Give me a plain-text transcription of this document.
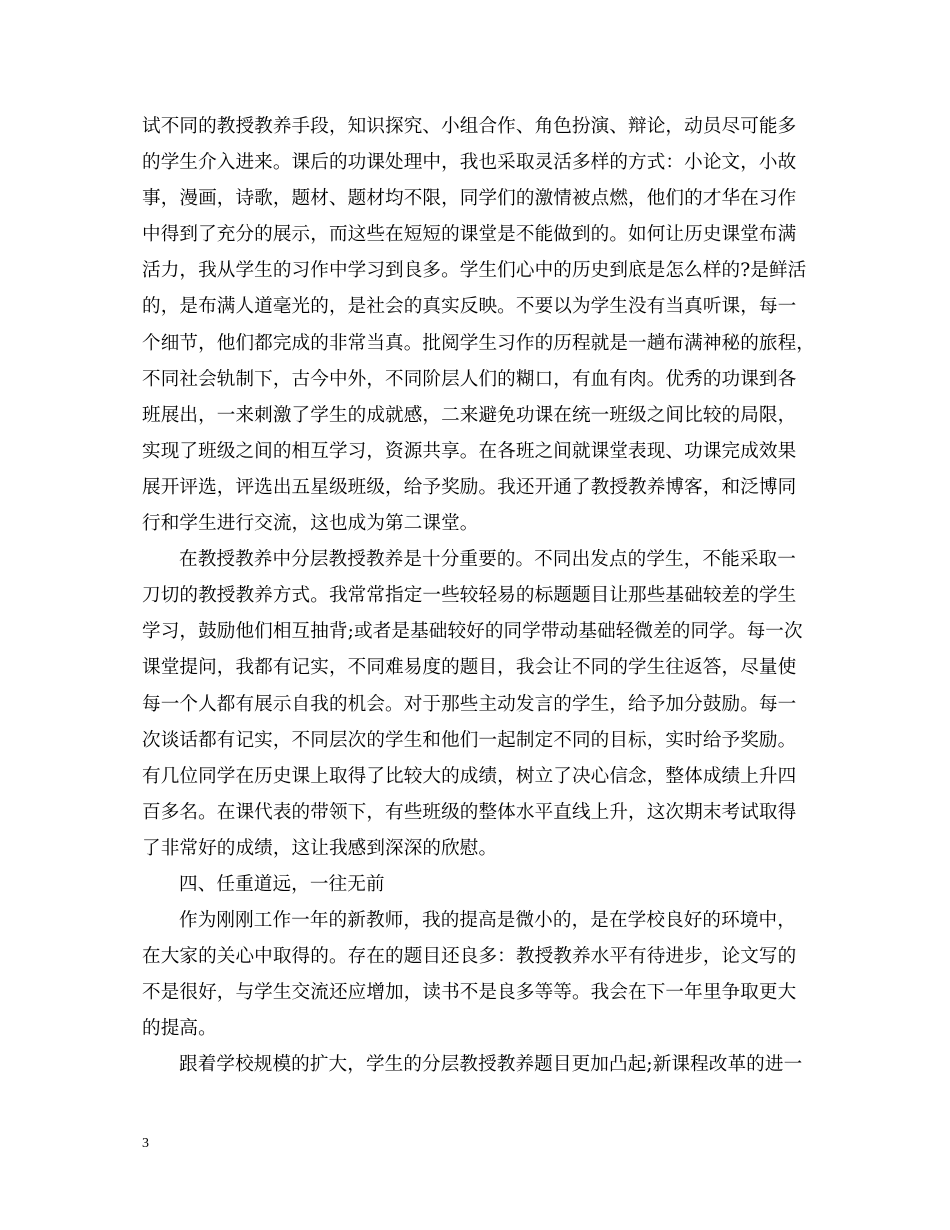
试不同的教授教养手段，知识探究、小组合作、角色扮演、辩论，动员尽可能多
的学生介入进来。课后的功课处理中，我也采取灵活多样的方式：小论文，小故
事，漫画，诗歌，题材、题材均不限，同学们的激情被点燃，他们的才华在习作
中得到了充分的展示，而这些在短短的课堂是不能做到的。如何让历史课堂布满
活力，我从学生的习作中学习到良多。学生们心中的历史到底是怎么样的?是鲜活
的，是布满人道毫光的，是社会的真实反映。不要以为学生没有当真听课，每一
个细节，他们都完成的非常当真。批阅学生习作的历程就是一趟布满神秘的旅程，
不同社会轨制下，古今中外，不同阶层人们的糊口，有血有肉。优秀的功课到各
班展出，一来刺激了学生的成就感，二来避免功课在统一班级之间比较的局限，
实现了班级之间的相互学习，资源共享。在各班之间就课堂表现、功课完成效果
展开评选，评选出五星级班级，给予奖励。我还开通了教授教养博客，和泛博同
行和学生进行交流，这也成为第二课堂。
在教授教养中分层教授教养是十分重要的。不同出发点的学生，不能采取一
刀切的教授教养方式。我常常指定一些较轻易的标题题目让那些基础较差的学生
学习，鼓励他们相互抽背;或者是基础较好的同学带动基础轻微差的同学。每一次
课堂提问，我都有记实，不同难易度的题目，我会让不同的学生往返答，尽量使
每一个人都有展示自我的机会。对于那些主动发言的学生，给予加分鼓励。每一
次谈话都有记实，不同层次的学生和他们一起制定不同的目标，实时给予奖励。
有几位同学在历史课上取得了比较大的成绩，树立了决心信念，整体成绩上升四
百多名。在课代表的带领下，有些班级的整体水平直线上升，这次期末考试取得
了非常好的成绩，这让我感到深深的欣慰。
四、任重道远，一往无前
作为刚刚工作一年的新教师，我的提高是微小的，是在学校良好的环境中，
在大家的关心中取得的。存在的题目还良多：教授教养水平有待进步，论文写的
不是很好，与学生交流还应增加，读书不是良多等等。我会在下一年里争取更大
的提高。
跟着学校规模的扩大，学生的分层教授教养题目更加凸起;新课程改革的进一
3
